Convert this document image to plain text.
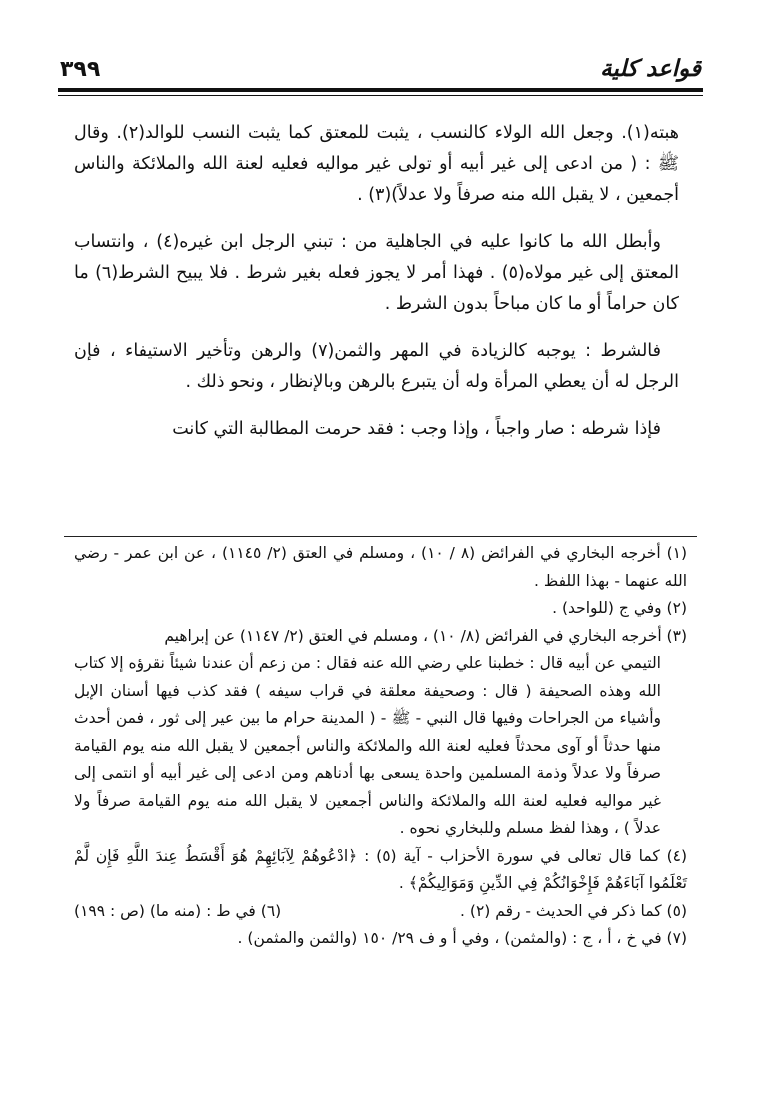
قواعد كلية
٣٩٩

هبته(١). وجعل الله الولاء كالنسب ، يثبت للمعتق كما يثبت النسب للوالد(٢). وقال ﷺ : ( من ادعى إلى غير أبيه أو تولى غير مواليه فعليه لعنة الله والملائكة والناس أجمعين ، لا يقبل الله منه صرفاً ولا عدلاً)(٣) .

وأبطل الله ما كانوا عليه في الجاهلية من : تبني الرجل ابن غيره(٤) ، وانتساب المعتق إلى غير مولاه(٥) . فهذا أمر لا يجوز فعله بغير شرط . فلا يبيح الشرط(٦) ما كان حراماً أو ما كان مباحاً بدون الشرط .

فالشرط : يوجبه كالزيادة في المهر والثمن(٧) والرهن وتأخير الاستيفاء ، فإن الرجل له أن يعطي المرأة وله أن يتبرع بالرهن وبالإنظار ، ونحو ذلك .

فإذا شرطه : صار واجباً ، وإذا وجب : فقد حرمت المطالبة التي كانت

(١) أخرجه البخاري في الفرائض (٨ / ١٠) ، ومسلم في العتق (٢/ ١١٤٥) ، عن ابن عمر - رضي الله عنهما - بهذا اللفظ .

(٢) وفي ج (للواحد) .

(٣) أخرجه البخاري في الفرائض (٨/ ١٠) ، ومسلم في العتق (٢/ ١١٤٧) عن إبراهيم

التيمي عن أبيه قال : خطبنا علي رضي الله عنه فقال : من زعم أن عندنا شيئاً نقرؤه إلا كتاب الله وهذه الصحيفة ( قال : وصحيفة معلقة في قراب سيفه ) فقد كذب فيها أسنان الإبل وأشياء من الجراحات وفيها قال النبي - ﷺ - ( المدينة حرام ما بين عير إلى ثور ، فمن أحدث منها حدثاً أو آوى محدثاً فعليه لعنة الله والملائكة والناس أجمعين لا يقبل الله منه يوم القيامة صرفاً ولا عدلاً وذمة المسلمين واحدة يسعى بها أدناهم ومن ادعى إلى غير أبيه أو انتمى إلى غير مواليه فعليه لعنة الله والملائكة والناس أجمعين لا يقبل الله منه يوم القيامة صرفاً ولا عدلاً ) ، وهذا لفظ مسلم وللبخاري نحوه .

(٤) كما قال تعالى في سورة الأحزاب - آية (٥) : ﴿ادْعُوهُمْ لِآبَائِهِمْ هُوَ أَقْسَطُ عِندَ اللَّهِ فَإِن لَّمْ تَعْلَمُوا آبَاءَهُمْ فَإِخْوَانُكُمْ فِي الدِّينِ وَمَوَالِيكُمْ﴾ .

(٥) كما ذكر في الحديث - رقم (٢) .
(٦) في ط : (منه ما) (ص : ١٩٩)

(٧) في خ ، أ ، ج : (والمثمن) ، وفي أ و ف ٢٩/ ١٥٠ (والثمن والمثمن) .
